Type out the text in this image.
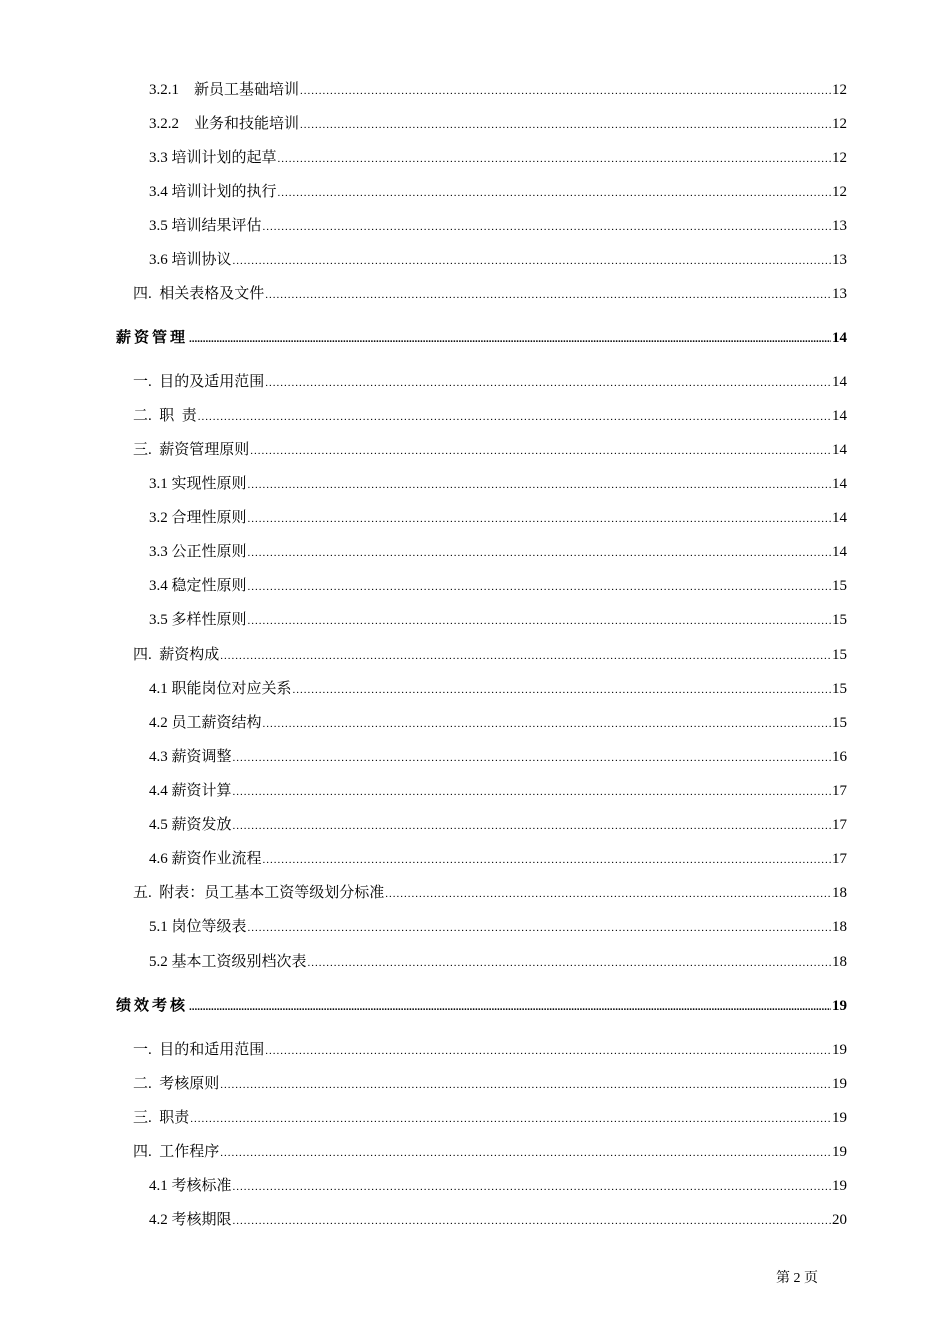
3.2.1　新员工基础培训 .....	12
3.2.2　业务和技能培训 .....	12
3.3 培训计划的起草 .....	12
3.4 培训计划的执行 .....	12
3.5 培训结果评估 .....	13
3.6 培训协议 .....	13
四.  相关表格及文件 .....	13
薪资管理 .....	14
一.  目的及适用范围 .....	14
二.  职  责 .....	14
三.  薪资管理原则 .....	14
3.1 实现性原则 .....	14
3.2 合理性原则 .....	14
3.3 公正性原则 .....	14
3.4 稳定性原则 .....	15
3.5 多样性原则 .....	15
四.  薪资构成 .....	15
4.1 职能岗位对应关系 .....	15
4.2 员工薪资结构 .....	15
4.3 薪资调整 .....	16
4.4 薪资计算 .....	17
4.5 薪资发放 .....	17
4.6 薪资作业流程 .....	17
五.  附表：员工基本工资等级划分标准 .....	18
5.1 岗位等级表 .....	18
5.2 基本工资级别档次表 .....	18
绩效考核 .....	19
一.  目的和适用范围 .....	19
二.  考核原则 .....	19
三.  职责 .....	19
四.  工作程序 .....	19
4.1 考核标准 .....	19
4.2 考核期限 .....	20
第 2 页
